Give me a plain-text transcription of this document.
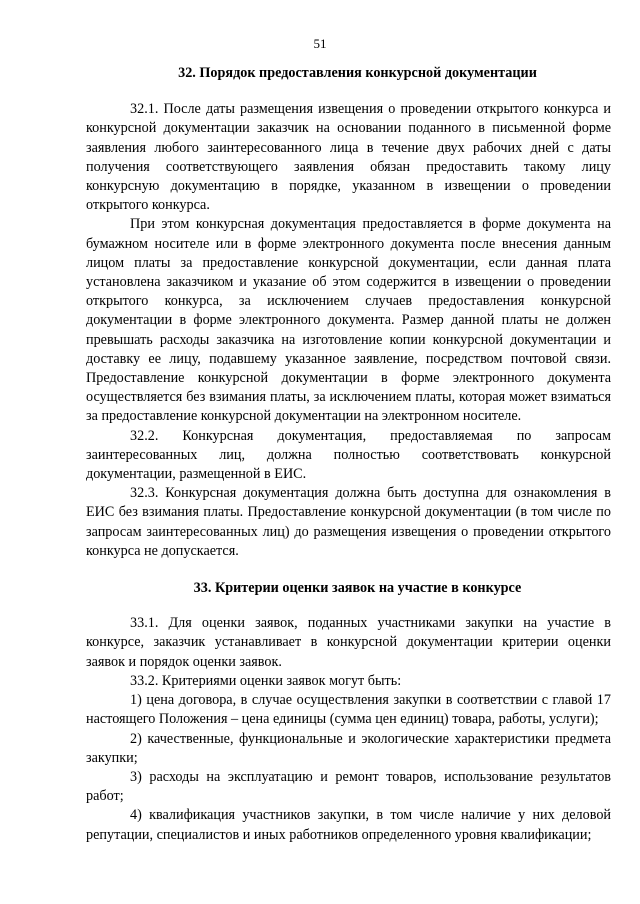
51

32. Порядок предоставления конкурсной документации

32.1. После даты размещения извещения о проведении открытого конкурса и конкурсной документации заказчик на основании поданного в письменной форме заявления любого заинтересованного лица в течение двух рабочих дней с даты получения соответствующего заявления обязан предоставить такому лицу конкурсную документацию в порядке, указанном в извещении о проведении открытого конкурса.

При этом конкурсная документация предоставляется в форме документа на бумажном носителе или в форме электронного документа после внесения данным лицом платы за предоставление конкурсной документации, если данная плата установлена заказчиком и указание об этом содержится в извещении о проведении открытого конкурса, за исключением случаев предоставления конкурсной документации в форме электронного документа. Размер данной платы не должен превышать расходы заказчика на изготовление копии конкурсной документации и доставку ее лицу, подавшему указанное заявление, посредством почтовой связи. Предоставление конкурсной документации в форме электронного документа осуществляется без взимания платы, за исключением платы, которая может взиматься за предоставление конкурсной документации на электронном носителе.

32.2. Конкурсная документация, предоставляемая по запросам заинтересованных лиц, должна полностью соответствовать конкурсной документации, размещенной в ЕИС.

32.3. Конкурсная документация должна быть доступна для ознакомления в ЕИС без взимания платы. Предоставление конкурсной документации (в том числе по запросам заинтересованных лиц) до размещения извещения о проведении открытого конкурса не допускается.

33. Критерии оценки заявок на участие в конкурсе

33.1. Для оценки заявок, поданных участниками закупки на участие в конкурсе, заказчик устанавливает в конкурсной документации критерии оценки заявок и порядок оценки заявок.

33.2. Критериями оценки заявок могут быть:

1) цена договора, в случае осуществления закупки в соответствии с главой 17 настоящего Положения – цена единицы (сумма цен единиц) товара, работы, услуги);

2) качественные, функциональные и экологические характеристики предмета закупки;

3) расходы на эксплуатацию и ремонт товаров, использование результатов работ;

4) квалификация участников закупки, в том числе наличие у них деловой репутации, специалистов и иных работников определенного уровня квалификации;
